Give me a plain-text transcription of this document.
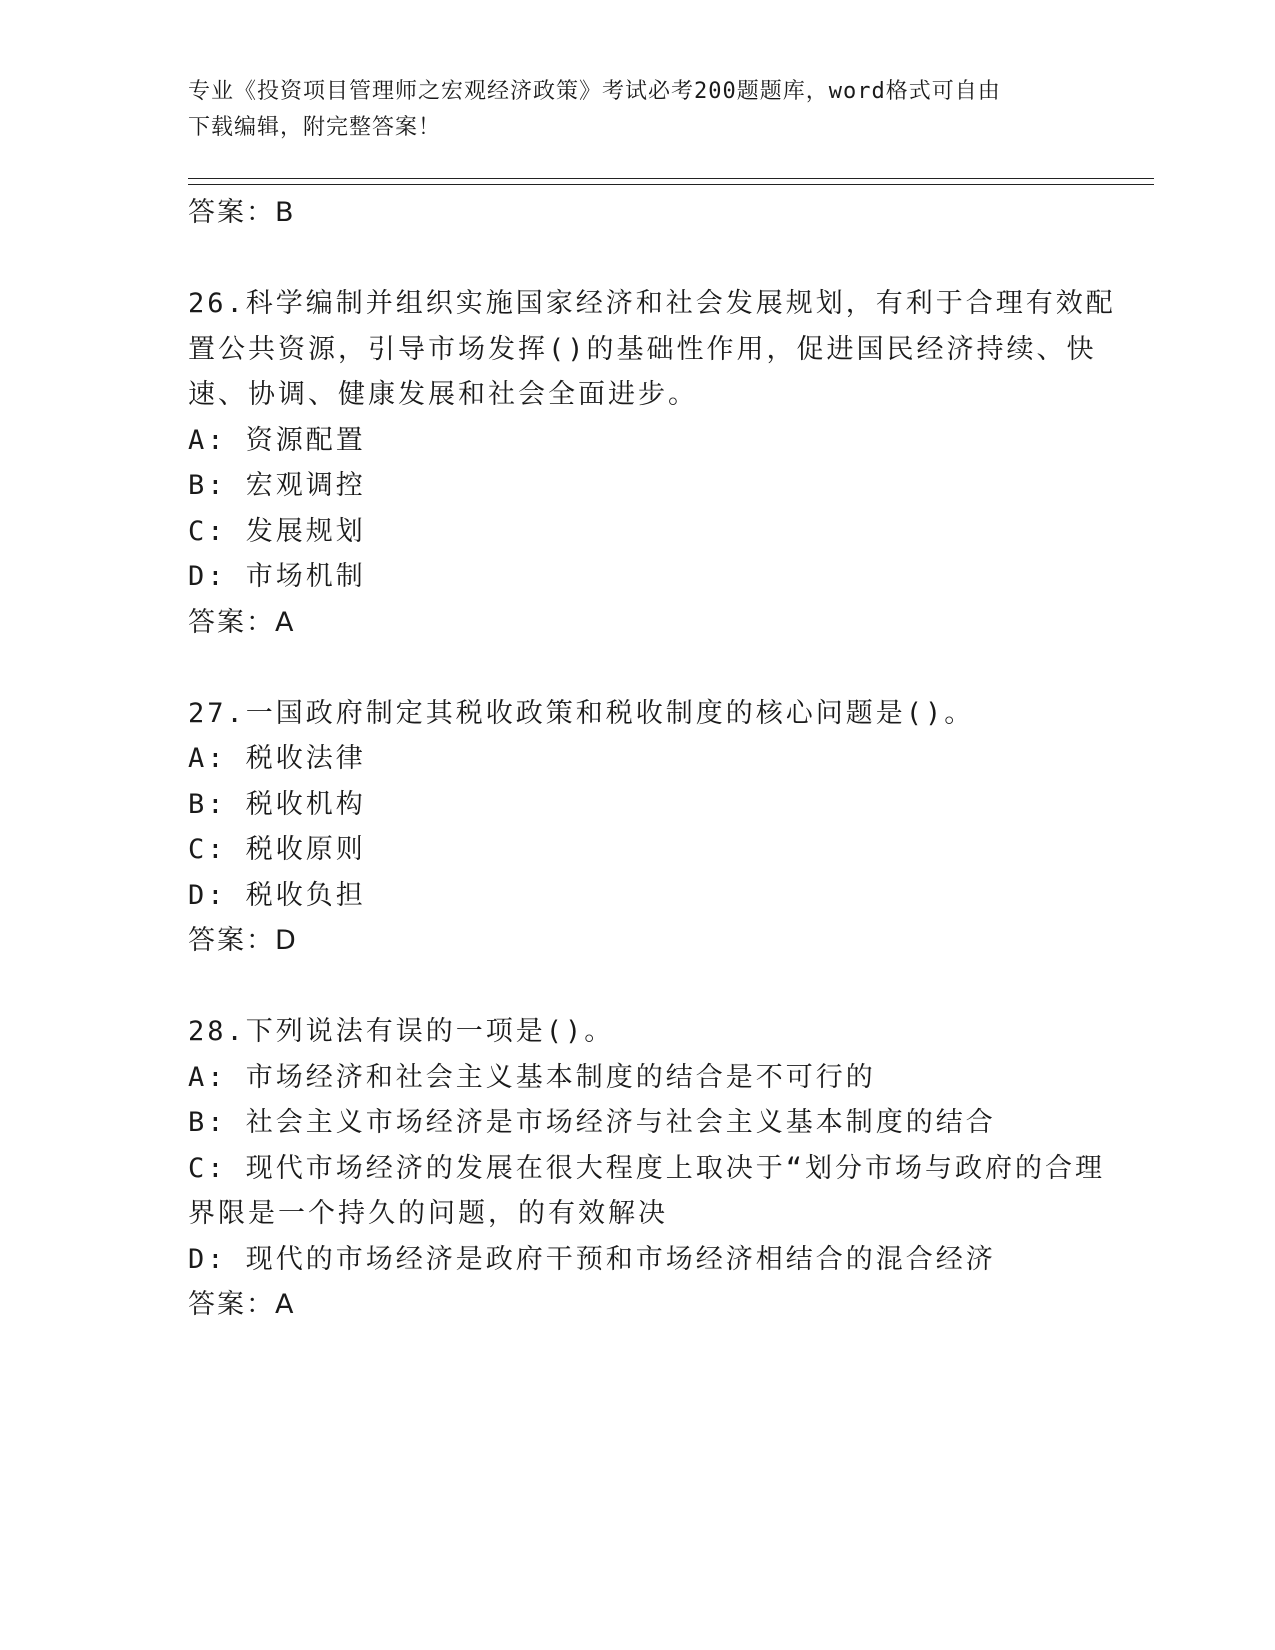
专业《投资项目管理师之宏观经济政策》考试必考200题题库，word格式可自由
下载编辑，附完整答案！

答案：B

26.科学编制并组织实施国家经济和社会发展规划，有利于合理有效配

置公共资源，引导市场发挥()的基础性作用，促进国民经济持续、快

速、协调、健康发展和社会全面进步。

A: 资源配置

B: 宏观调控

C: 发展规划

D: 市场机制

答案：A

27.一国政府制定其税收政策和税收制度的核心问题是()。

A: 税收法律

B: 税收机构

C: 税收原则

D: 税收负担

答案：D

28.下列说法有误的一项是()。

A: 市场经济和社会主义基本制度的结合是不可行的

B: 社会主义市场经济是市场经济与社会主义基本制度的结合

C: 现代市场经济的发展在很大程度上取决于“划分市场与政府的合理

界限是一个持久的问题，的有效解决

D: 现代的市场经济是政府干预和市场经济相结合的混合经济

答案：A
